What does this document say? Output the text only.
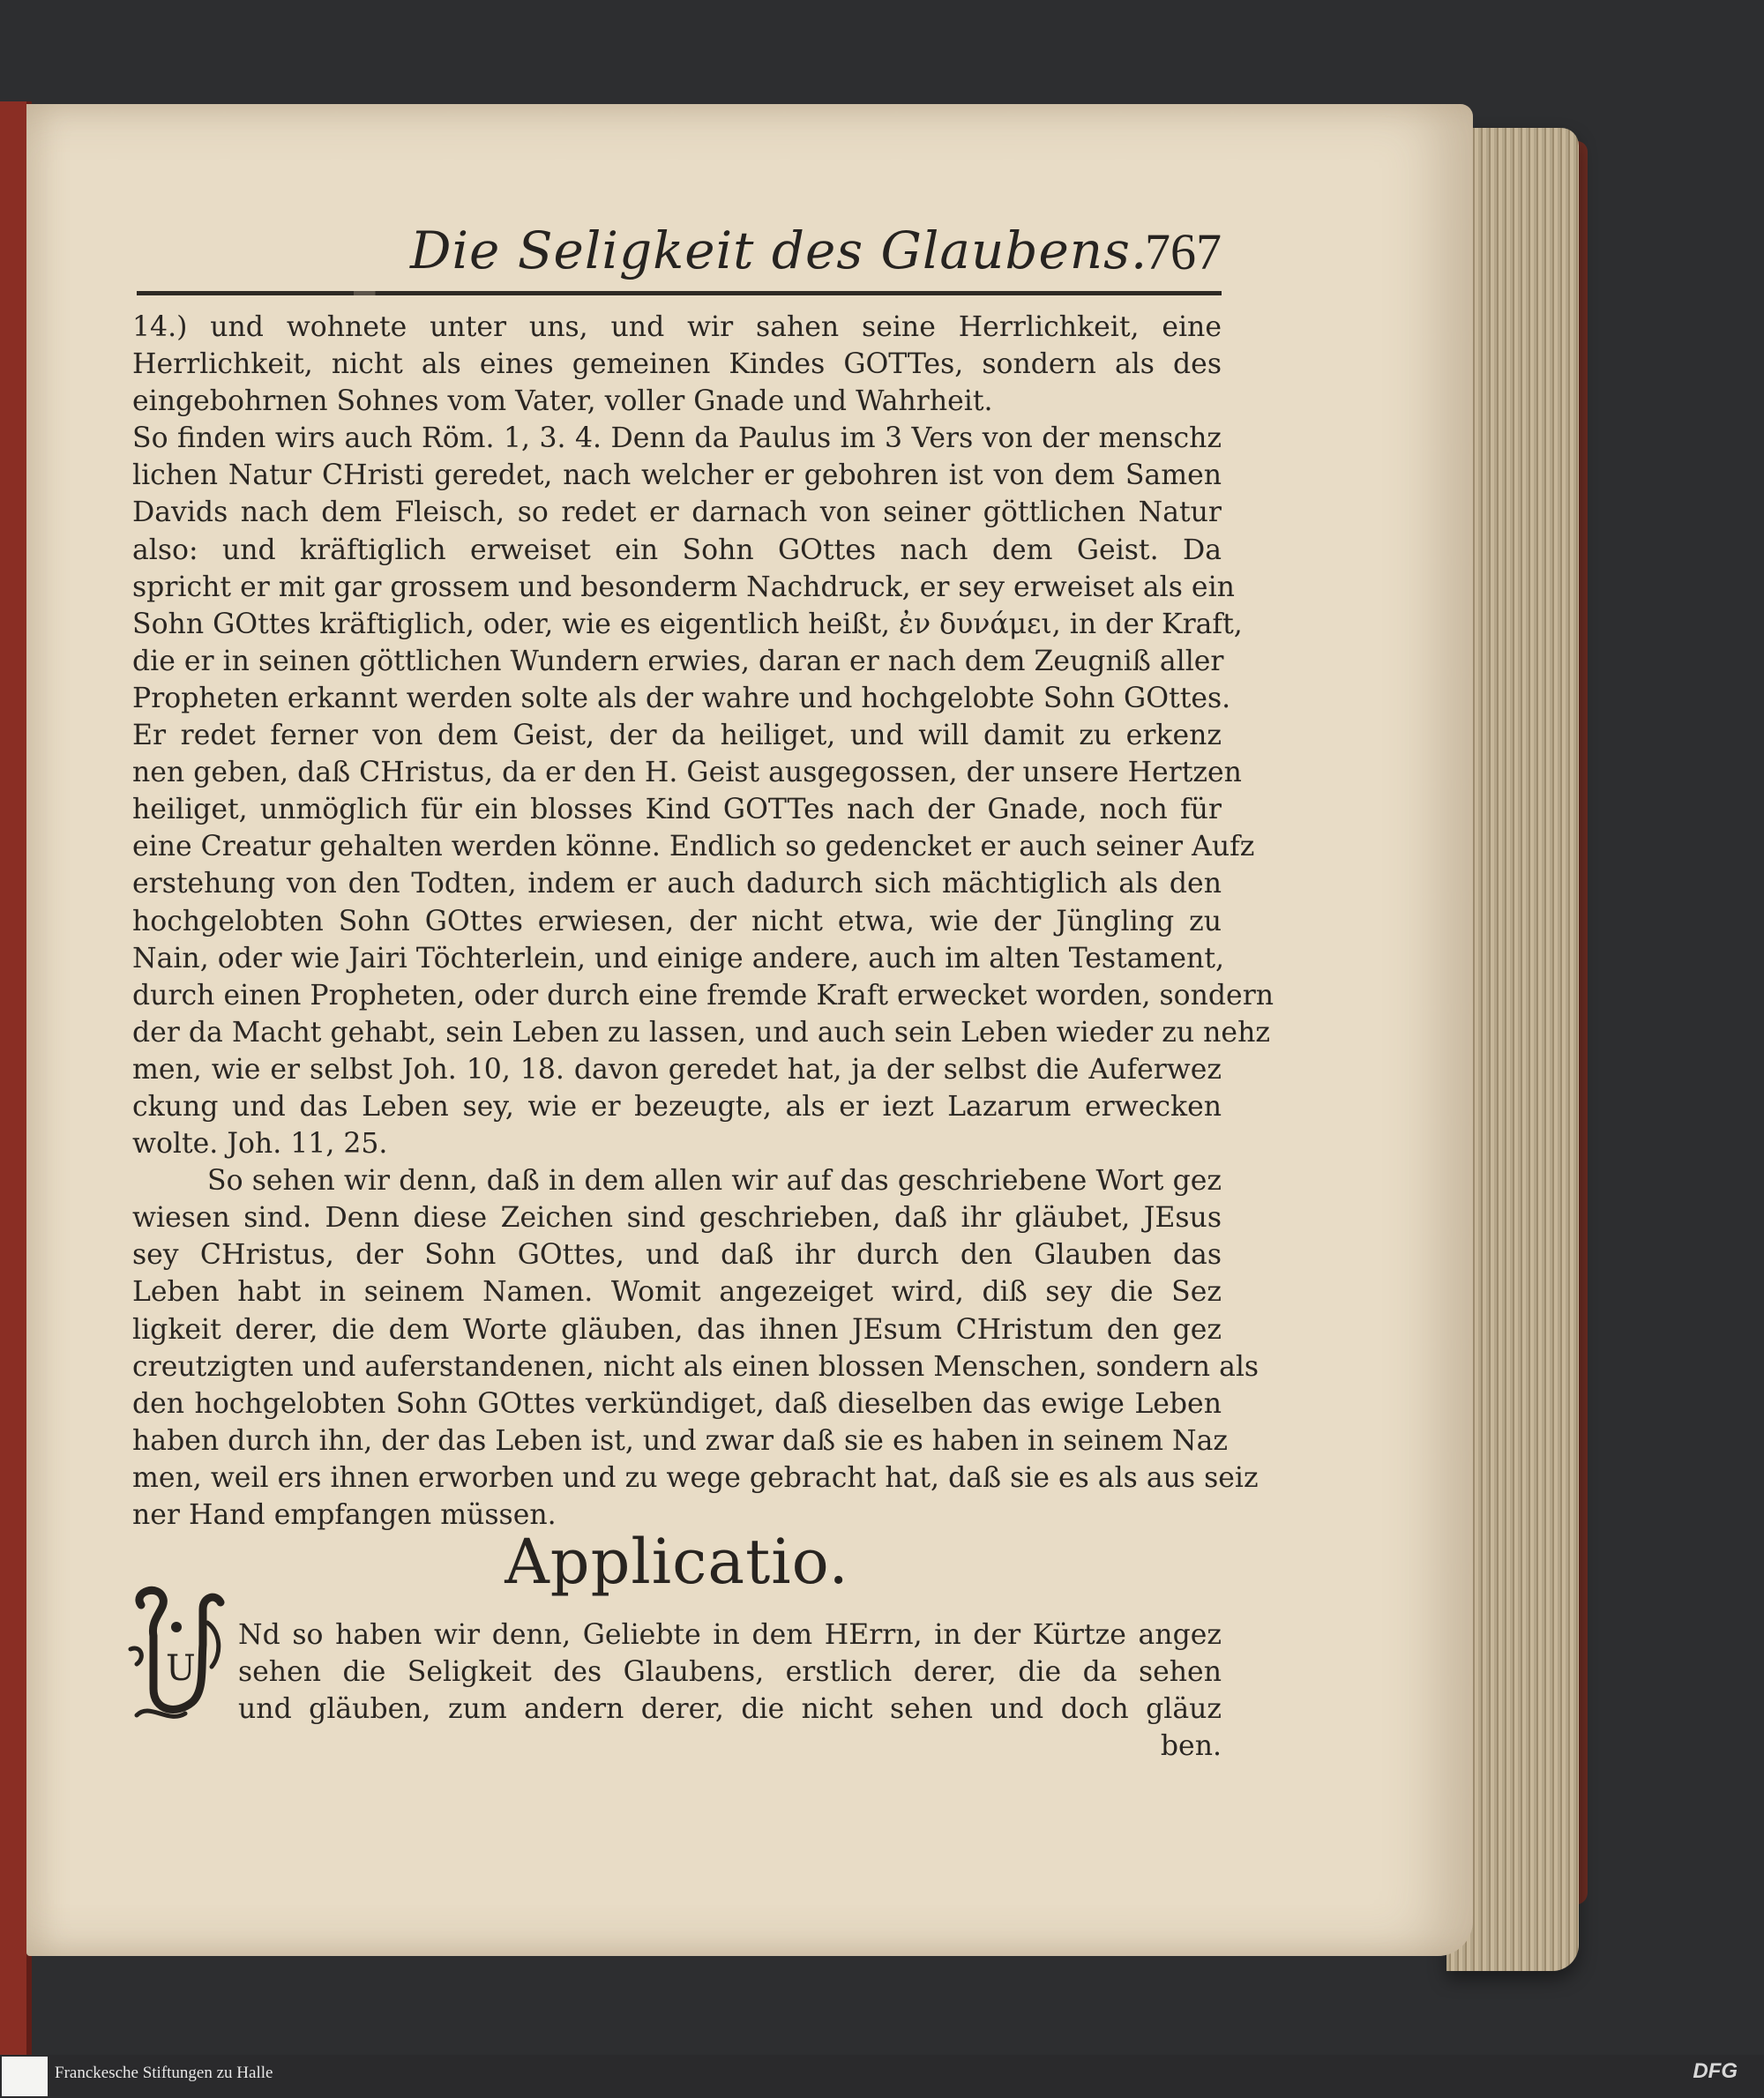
Die Seligkeit des Glaubens.
767
14.) und wohnete unter uns, und wir sahen seine Herrlichkeit, eine
Herrlichkeit, nicht als eines gemeinen Kindes GOTTes, sondern als des
eingebohrnen Sohnes vom Vater, voller Gnade und Wahrheit.
So finden wirs auch Röm. 1, 3. 4. Denn da Paulus im 3 Vers von der menschz
lichen Natur CHristi geredet, nach welcher er gebohren ist von dem Samen
Davids nach dem Fleisch, so redet er darnach von seiner göttlichen Natur
also: und kräftiglich erweiset ein Sohn GOttes nach dem Geist. Da
spricht er mit gar grossem und besonderm Nachdruck, er sey erweiset als ein
Sohn GOttes kräftiglich, oder, wie es eigentlich heißt, ἐν δυνάμει, in der Kraft,
die er in seinen göttlichen Wundern erwies, daran er nach dem Zeugniß aller
Propheten erkannt werden solte als der wahre und hochgelobte Sohn GOttes.
Er redet ferner von dem Geist, der da heiliget, und will damit zu erkenz
nen geben, daß CHristus, da er den H. Geist ausgegossen, der unsere Hertzen
heiliget, unmöglich für ein blosses Kind GOTTes nach der Gnade, noch für
eine Creatur gehalten werden könne. Endlich so gedencket er auch seiner Aufz
erstehung von den Todten, indem er auch dadurch sich mächtiglich als den
hochgelobten Sohn GOttes erwiesen, der nicht etwa, wie der Jüngling zu
Nain, oder wie Jairi Töchterlein, und einige andere, auch im alten Testament,
durch einen Propheten, oder durch eine fremde Kraft erwecket worden, sondern
der da Macht gehabt, sein Leben zu lassen, und auch sein Leben wieder zu nehz
men, wie er selbst Joh. 10, 18. davon geredet hat, ja der selbst die Auferwez
ckung und das Leben sey, wie er bezeugte, als er iezt Lazarum erwecken
wolte. Joh. 11, 25.
So sehen wir denn, daß in dem allen wir auf das geschriebene Wort gez
wiesen sind. Denn diese Zeichen sind geschrieben, daß ihr gläubet, JEsus
sey CHristus, der Sohn GOttes, und daß ihr durch den Glauben das
Leben habt in seinem Namen. Womit angezeiget wird, diß sey die Sez
ligkeit derer, die dem Worte gläuben, das ihnen JEsum CHristum den gez
creutzigten und auferstandenen, nicht als einen blossen Menschen, sondern als
den hochgelobten Sohn GOttes verkündiget, daß dieselben das ewige Leben
haben durch ihn, der das Leben ist, und zwar daß sie es haben in seinem Naz
men, weil ers ihnen erworben und zu wege gebracht hat, daß sie es als aus seiz
ner Hand empfangen müssen.
Applicatio.
U
Nd so haben wir denn, Geliebte in dem HErrn, in der Kürtze angez
sehen die Seligkeit des Glaubens, erstlich derer, die da sehen
und gläuben, zum andern derer, die nicht sehen und doch gläuz
ben.
Franckesche Stiftungen zu Halle	DFG
